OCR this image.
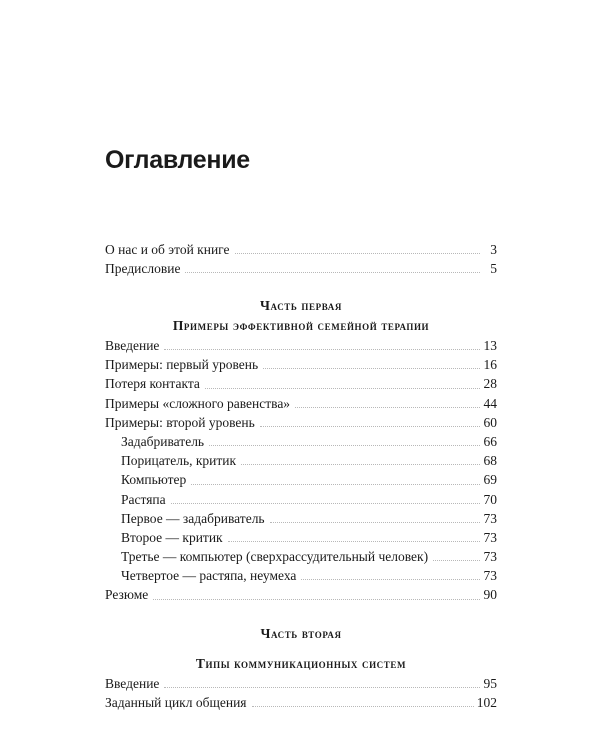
Оглавление
О нас и об этой книге	3
Предисловие	5
Часть первая
Примеры эффективной семейной терапии
Введение	13
Примеры: первый уровень	16
Потеря контакта	28
Примеры «сложного равенства»	44
Примеры: второй уровень	60
Задабриватель	66
Порицатель, критик	68
Компьютер	69
Растяпа	70
Первое — задабриватель	73
Второе — критик	73
Третье — компьютер (сверхрассудительный человек)	73
Четвертое — растяпа, неумеха	73
Резюме	90
Часть вторая
Типы коммуникационных систем
Введение	95
Заданный цикл общения	102
